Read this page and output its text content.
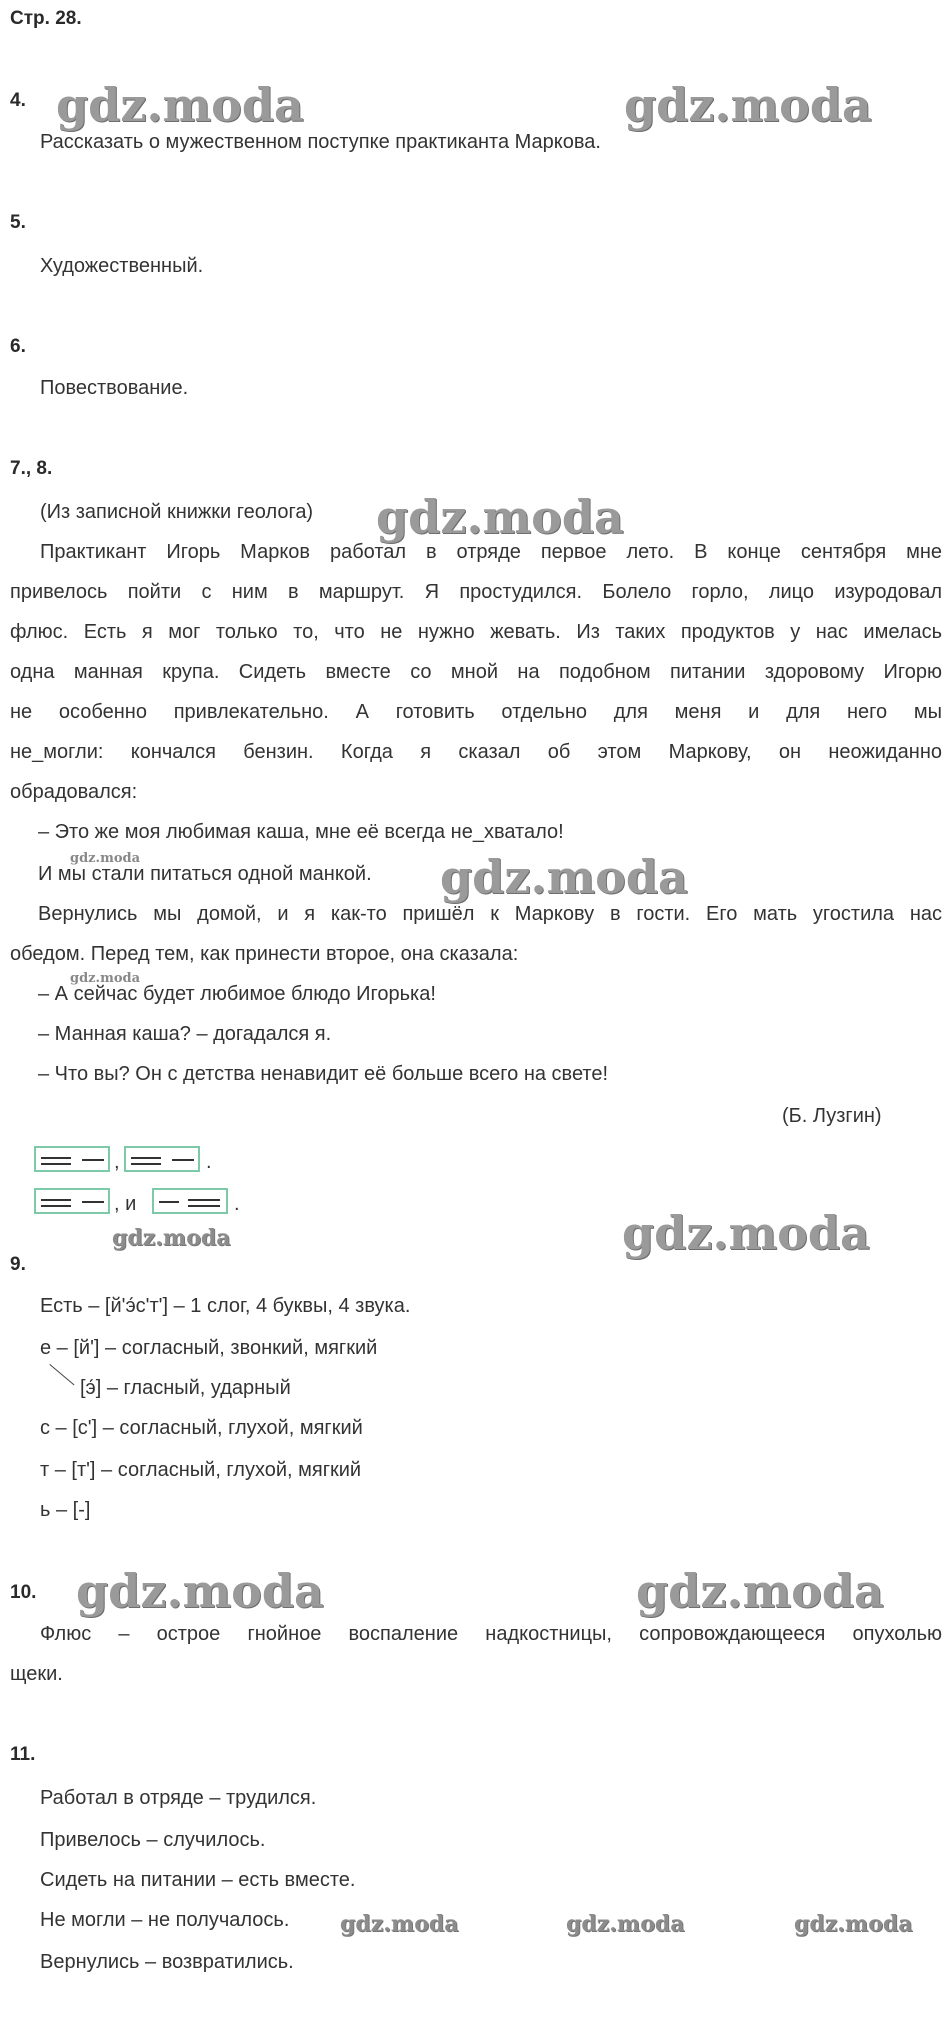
Стр. 28.
4. gdz.moda	gdz.moda
Рассказать о мужественном поступке практиканта Маркова.
5.
Художественный.
6.
Повествование.
7., 8.
(Из записной книжки геолога) gdz.moda
Практикант Игорь Марков работал в отряде первое лето. В конце сентября мне
привелось пойти с ним в маршрут. Я простудился. Болело горло, лицо изуродовал
флюс. Есть я мог только то, что не нужно жевать. Из таких продуктов у нас имелась
одна манная крупа. Сидеть вместе со мной на подобном питании здоровому Игорю
не особенно привлекательно. А готовить отдельно для меня и для него мы
не_могли: кончался бензин. Когда я сказал об этом Маркову, он неожиданно
обрадовался:
– Это же моя любимая каша, мне её всегда не_хватало!
gdz.moda
И мы стали питаться одной манкой. gdz.moda
Вернулись мы домой, и я как-то пришёл к Маркову в гости. Его мать угостила нас
обедом. Перед тем, как принести второе, она сказала:
gdz.moda
– А сейчас будет любимое блюдо Игорька!
– Манная каша? – догадался я.
– Что вы? Он с детства ненавидит её больше всего на свете!
(Б. Лузгин)
,	.
, и	.
gdz.moda	gdz.moda
9.
Есть – [й'э́с'т'] – 1 слог, 4 буквы, 4 звука.
е – [й'] – согласный, звонкий, мягкий
[э́] – гласный, ударный
с – [с'] – согласный, глухой, мягкий
т – [т'] – согласный, глухой, мягкий
ь – [-]
10. gdz.moda	gdz.moda
Флюс – острое гнойное воспаление надкостницы, сопровождающееся опухолью
щеки.
11.
Работал в отряде – трудился.
Привелось – случилось.
Сидеть на питании – есть вместе.
Не могли – не получалось. gdz.moda	gdz.moda	gdz.moda
Вернулись – возвратились.
